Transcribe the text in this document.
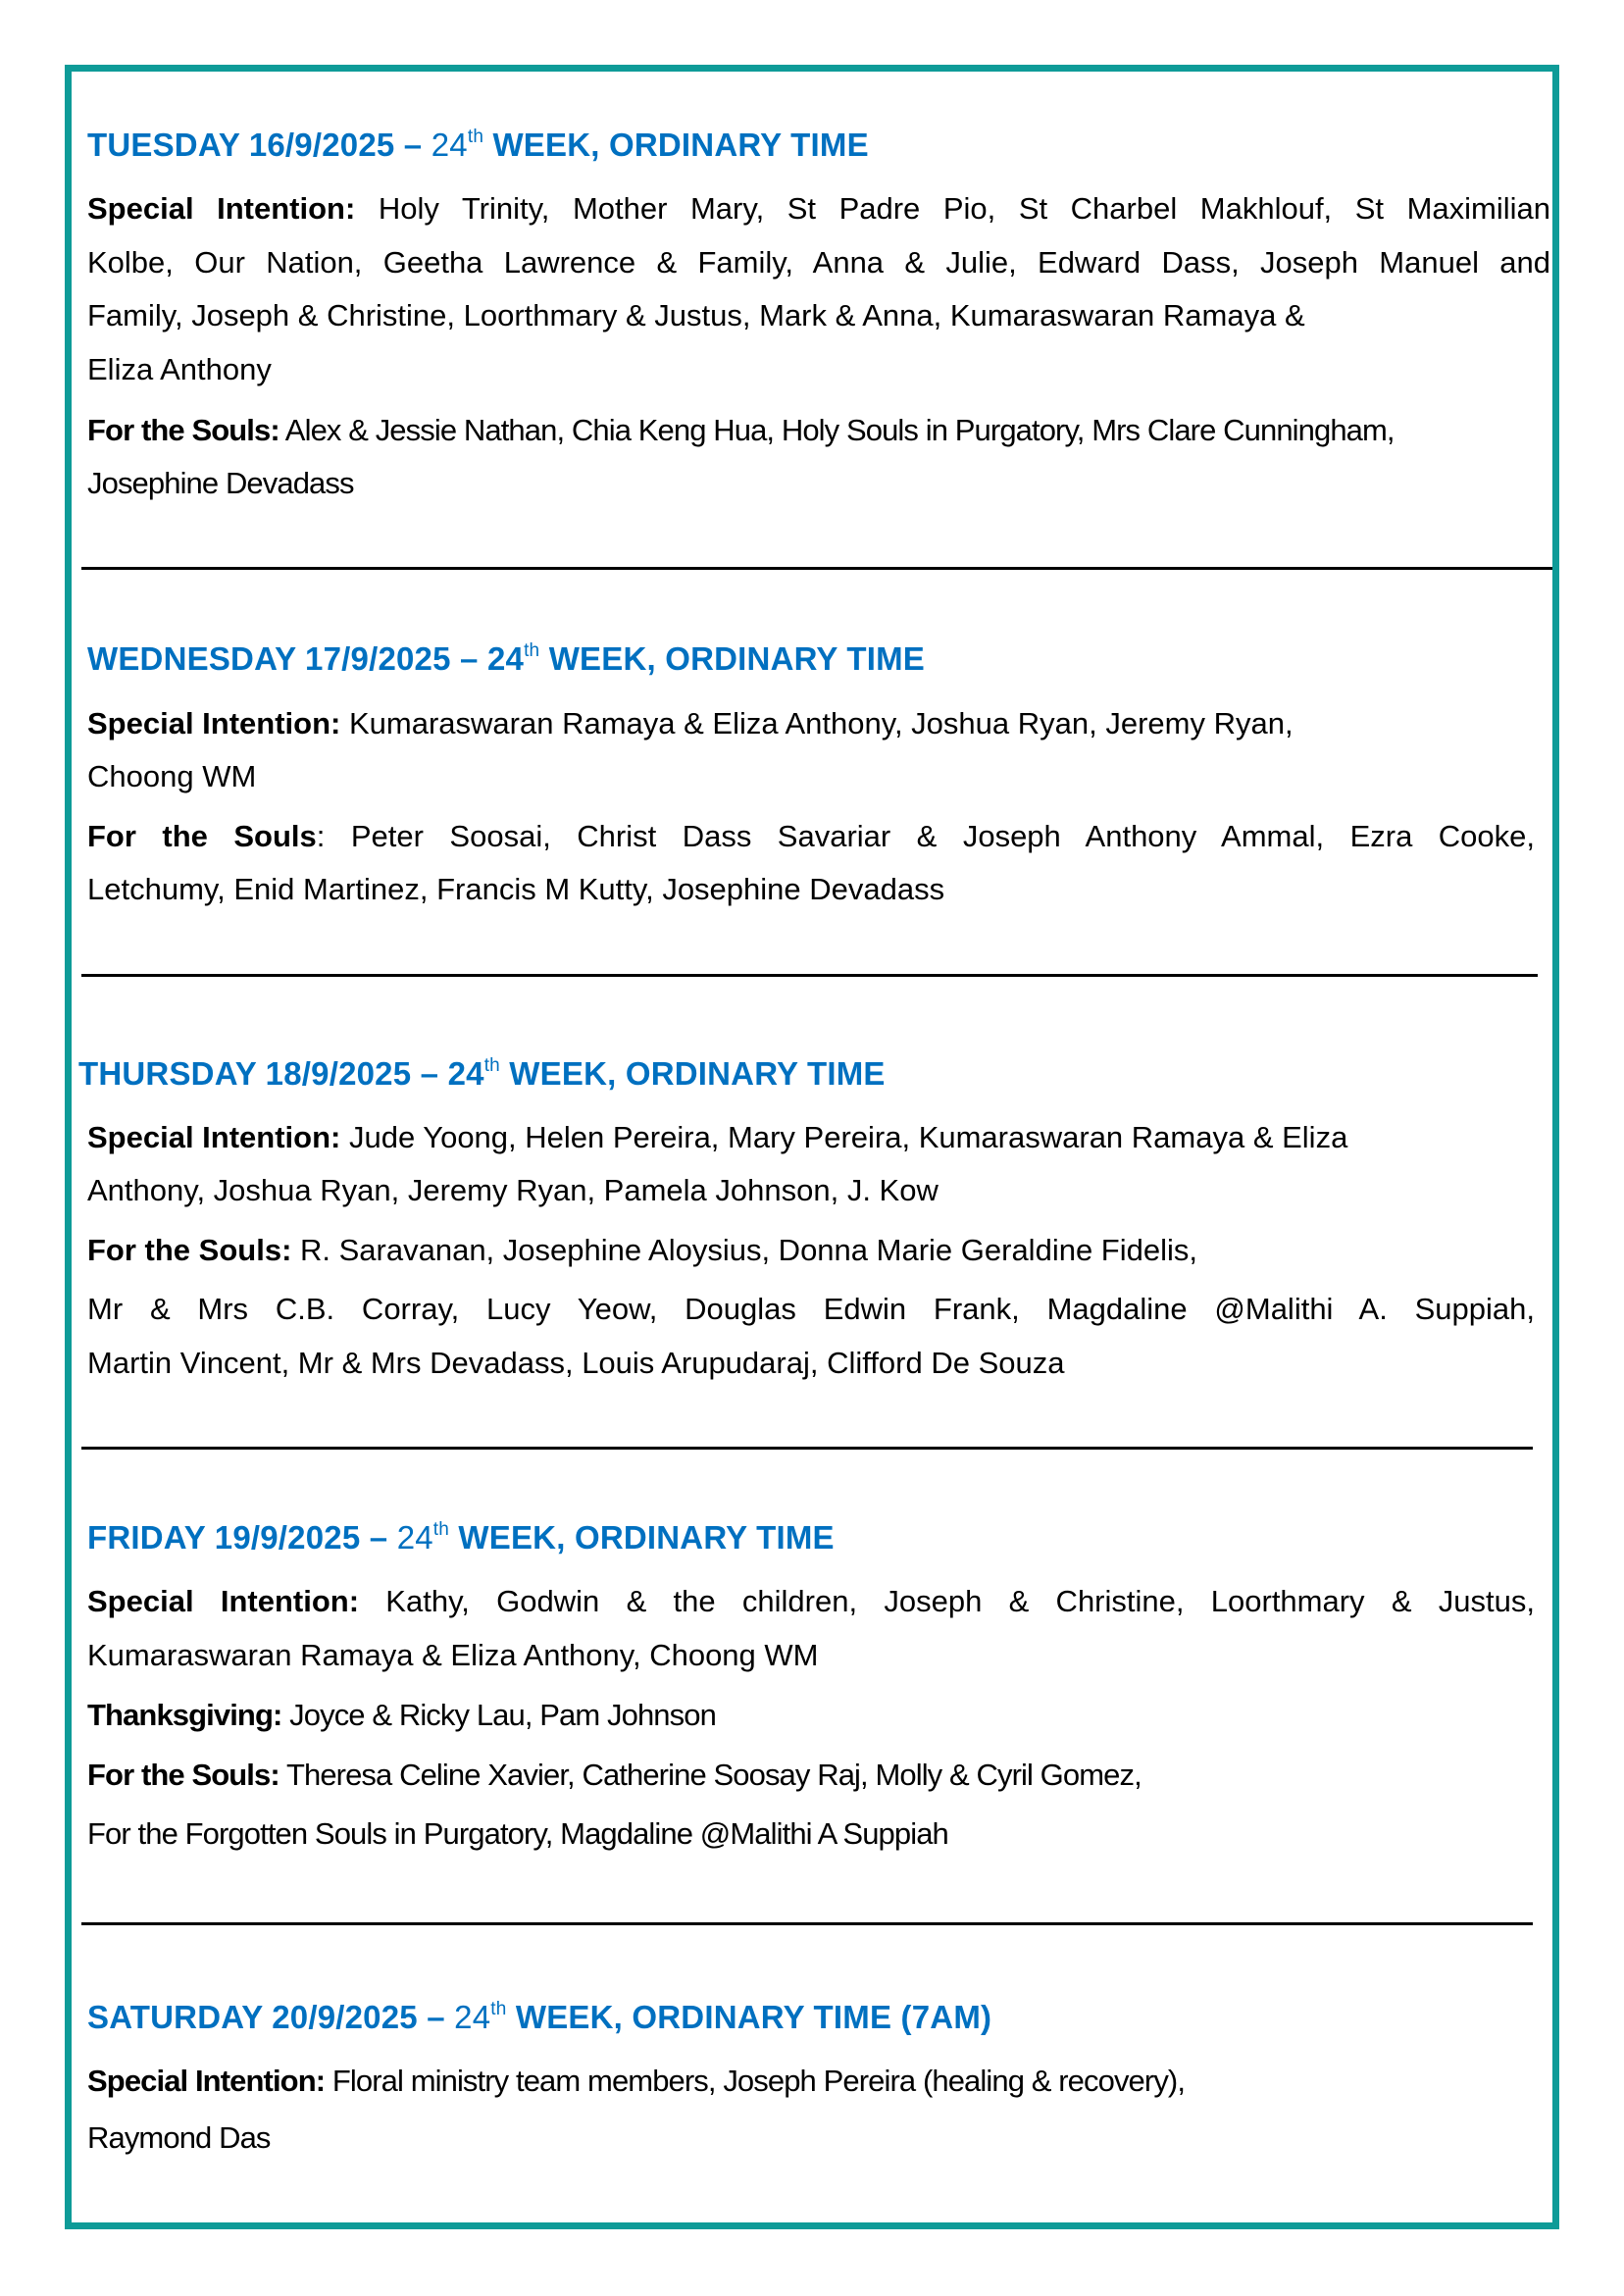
TUESDAY 16/9/2025 – 24th WEEK, ORDINARY TIME
Special Intention: Holy Trinity, Mother Mary, St Padre Pio, St Charbel Makhlouf, St Maximilian
Kolbe, Our Nation, Geetha Lawrence & Family, Anna & Julie, Edward Dass, Joseph Manuel and
Family, Joseph & Christine, Loorthmary & Justus, Mark & Anna, Kumaraswaran Ramaya &
Eliza Anthony
For the Souls: Alex & Jessie Nathan, Chia Keng Hua, Holy Souls in Purgatory, Mrs Clare Cunningham,
Josephine Devadass
WEDNESDAY 17/9/2025 – 24th WEEK, ORDINARY TIME
Special Intention: Kumaraswaran Ramaya & Eliza Anthony, Joshua Ryan, Jeremy Ryan,
Choong WM
For the Souls: Peter Soosai, Christ Dass Savariar & Joseph Anthony Ammal, Ezra Cooke,
Letchumy, Enid Martinez, Francis M Kutty, Josephine Devadass
THURSDAY 18/9/2025 – 24th WEEK, ORDINARY TIME
Special Intention: Jude Yoong, Helen Pereira, Mary Pereira, Kumaraswaran Ramaya & Eliza
Anthony, Joshua Ryan, Jeremy Ryan, Pamela Johnson, J. Kow
For the Souls: R. Saravanan, Josephine Aloysius, Donna Marie Geraldine Fidelis,
Mr & Mrs C.B. Corray, Lucy Yeow, Douglas Edwin Frank, Magdaline @Malithi A. Suppiah,
Martin Vincent, Mr & Mrs Devadass, Louis Arupudaraj, Clifford De Souza
FRIDAY 19/9/2025 – 24th WEEK, ORDINARY TIME
Special Intention: Kathy, Godwin & the children, Joseph & Christine, Loorthmary & Justus,
Kumaraswaran Ramaya & Eliza Anthony, Choong WM
Thanksgiving: Joyce & Ricky Lau, Pam Johnson
For the Souls: Theresa Celine Xavier, Catherine Soosay Raj, Molly & Cyril Gomez,
For the Forgotten Souls in Purgatory, Magdaline @Malithi A Suppiah
SATURDAY 20/9/2025 – 24th WEEK, ORDINARY TIME (7AM)
Special Intention: Floral ministry team members, Joseph Pereira (healing & recovery),
Raymond Das
